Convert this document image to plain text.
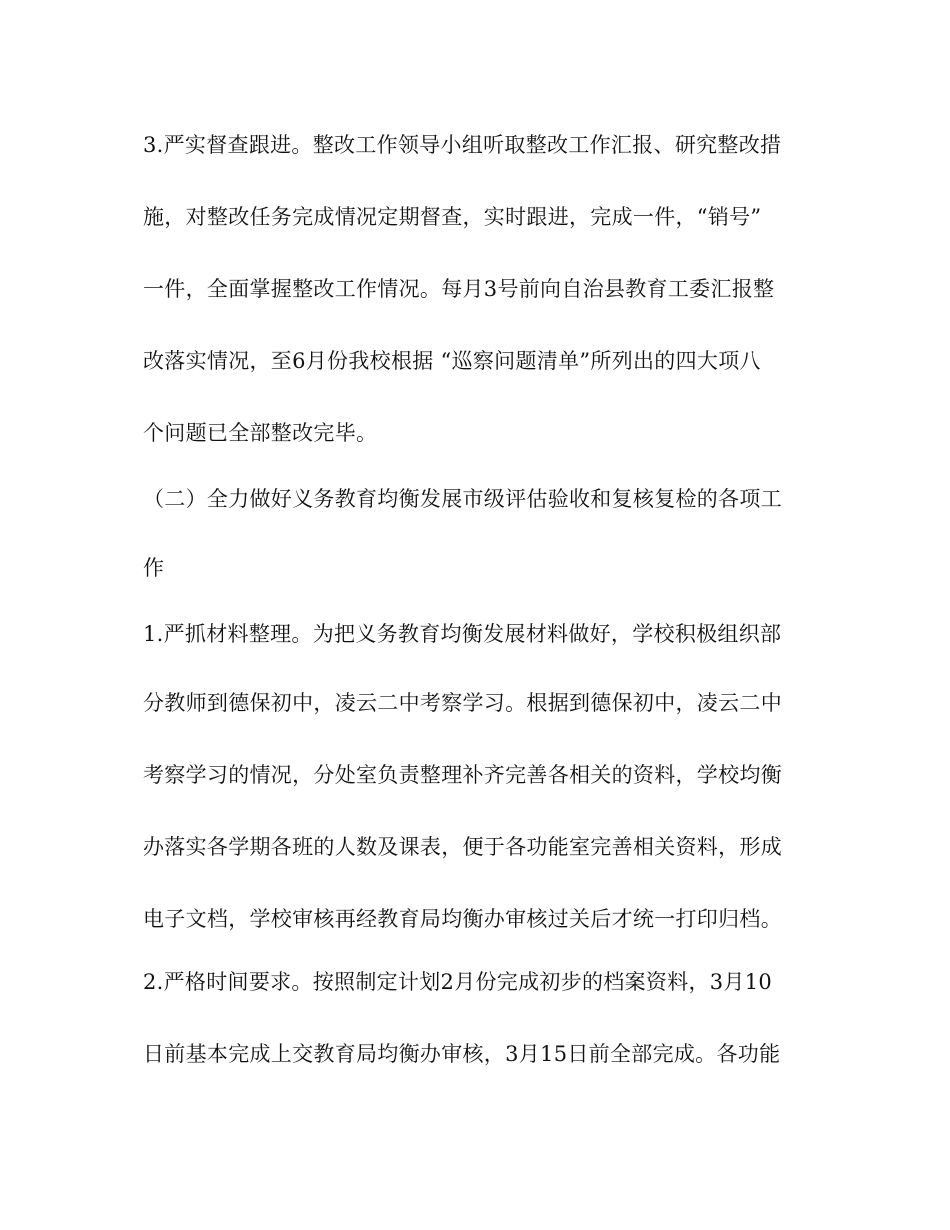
3.严实督查跟进。整改工作领导小组听取整改工作汇报、研究整改措
施，对整改任务完成情况定期督查，实时跟进，完成一件，“销号”
一件，全面掌握整改工作情况。每月3号前向自治县教育工委汇报整
改落实情况，至6月份我校根据 “巡察问题清单”所列出的四大项八
个问题已全部整改完毕。
（二）全力做好义务教育均衡发展市级评估验收和复核复检的各项工
作
1.严抓材料整理。为把义务教育均衡发展材料做好，学校积极组织部
分教师到德保初中，凌云二中考察学习。根据到德保初中，凌云二中
考察学习的情况，分处室负责整理补齐完善各相关的资料，学校均衡
办落实各学期各班的人数及课表，便于各功能室完善相关资料，形成
电子文档，学校审核再经教育局均衡办审核过关后才统一打印归档。
2.严格时间要求。按照制定计划2月份完成初步的档案资料，3月10
日前基本完成上交教育局均衡办审核，3月15日前全部完成。各功能
